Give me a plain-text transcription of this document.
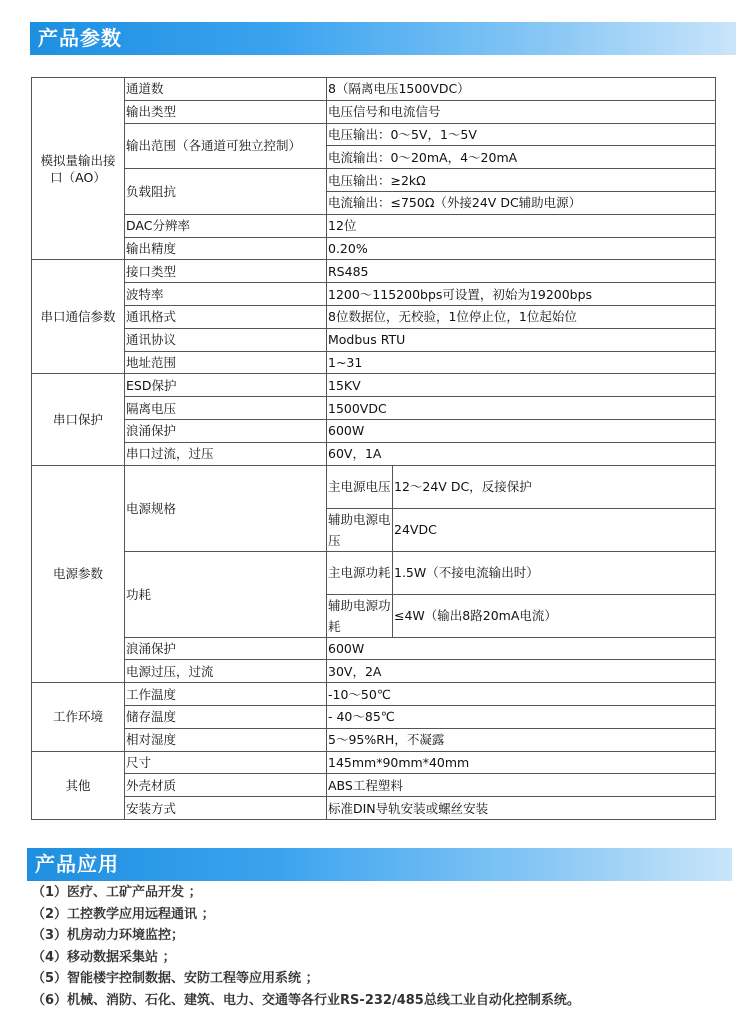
产品参数
模拟量输出接口（AO）	通道数	8（隔离电压1500VDC）	
	输出类型	电压信号和电流信号	
	输出范围（各通道可独立控制）	电压输出：0～5V，1～5V	
		电流输出：0～20mA，4～20mA	
	负载阻抗	电压输出：≥2kΩ	
		电流输出：≤750Ω（外接24V DC辅助电源）	
	DAC分辨率	12位	
	输出精度	0.20%	
串口通信参数	接口类型	RS485	
	波特率	1200～115200bps可设置，初始为19200bps	
	通讯格式	8位数据位，无校验，1位停止位，1位起始位	
	通讯协议	Modbus RTU	
	地址范围	1~31	
串口保护	ESD保护	15KV	
	隔离电压	1500VDC	
	浪涌保护	600W	
	串口过流，过压	60V，1A	
电源参数	电源规格	主电源电压	12～24V DC，反接保护
		辅助电源电压	24VDC
	功耗	主电源功耗	1.5W（不接电流输出时）
		辅助电源功耗	≤4W（输出8路20mA电流）
	浪涌保护	600W	
	电源过压，过流	30V，2A	
工作环境	工作温度	-10～50℃	
	储存温度	- 40～85℃	
	相对湿度	5～95%RH，不凝露	
其他	尺寸	145mm*90mm*40mm	
	外壳材质	ABS工程塑料	
	安装方式	标准DIN导轨安装或螺丝安装	
产品应用
（1）医疗、工矿产品开发 ；
（2）工控教学应用远程通讯 ；
（3）机房动力环境监控；
（4）移动数据采集站 ；
（5）智能楼宇控制数据、安防工程等应用系统 ；
（6）机械、消防、石化、建筑、电力、交通等各行业RS-232/485总线工业自动化控制系统。
